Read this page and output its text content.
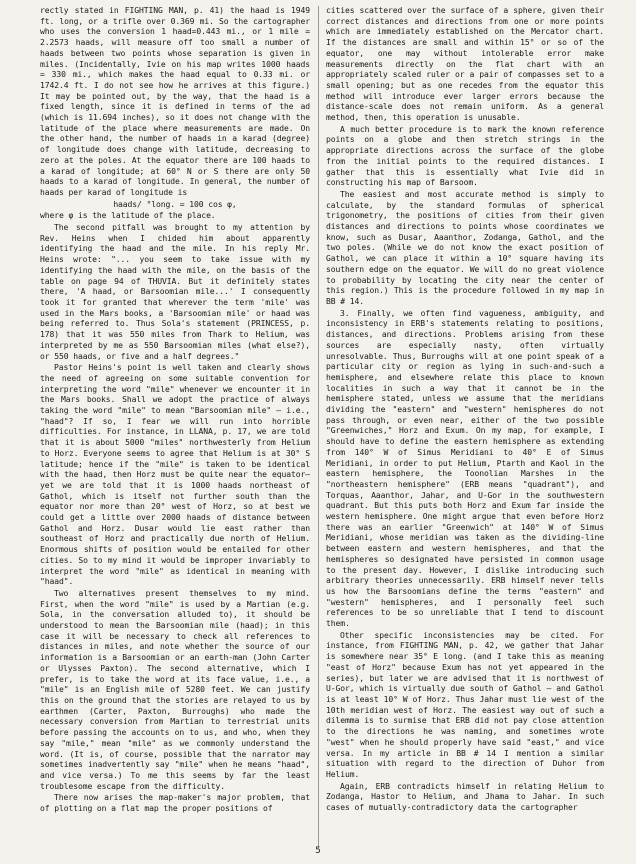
rectly stated in FIGHTING MAN, p. 41) the haad is 1949 ft. long, or a trifle over 0.369 mi. So the cartographer who uses the conversion 1 haad=0.443 mi., or 1 mile = 2.2573 haads, will measure off too small a number of haads between two points whose separation is given in miles. (Incidentally, Ivie on his map writes 1000 haads = 330 mi., which makes the haad equal to 0.33 mi. or 1742.4 ft. I do not see how he arrives at this figure.) It may be pointed out, by the way, that the haad is a fixed length, since it is defined in terms of the ad (which is 11.694 inches), so it does not change with the latitude of the place where measurements are made. On the other hand, the number of haads in a karad (degree) of longitude does change with latitude, decreasing to zero at the poles. At the equator there are 100 haads to a karad of longitude; at 60° N or S there are only 50 haads to a karad of longitude. In general, the number of haads per karad of longitude is

haads/ °long. = 100 cos φ,

where φ is the latitude of the place.

The second pitfall was brought to my attention by Rev. Heins when I chided him about apparently identifying the haad and the mile. In his reply Mr. Heins wrote: "... you seem to take issue with my identifying the haad with the mile, on the basis of the table on page 94 of THUVIA. But it definitely states there, 'A haad, or Barsoomian mile...' I consequently took it for granted that wherever the term 'mile' was used in the Mars books, a 'Barsoomian mile' or haad was being referred to. Thus Sola's statement (PRINCESS, p. 178) that it was 550 miles from Thark to Helium, was interpreted by me as 550 Barsoomian miles (what else?), or 550 haads, or five and a half degrees."

Pastor Heins's point is well taken and clearly shows the need of agreeing on some suitable convention for interpreting the word "mile" whenever we encounter it in the Mars books. Shall we adopt the practice of always taking the word "mile" to mean "Barsoomian mile" — i.e., "haad"? If so, I fear we will run into horrible difficulties. For instance, in LLANA, p. 17, we are told that it is about 5000 "miles" northwesterly from Helium to Horz. Everyone seems to agree that Helium is at 30° S latitude; hence if the "mile" is taken to be identical with the haad, then Horz must be quite near the equator—yet we are told that it is 1000 haads northeast of Gathol, which is itself not further south than the equator nor more than 20° west of Horz, so at best we could get a little over 2000 haads of distance between Gathol and Horz. Dusar would lie east rather than southeast of Horz and practically due north of Helium. Enormous shifts of position would be entailed for other cities. So to my mind it would be improper invariably to interpret the word "mile" as identical in meaning with "haad".

Two alternatives present themselves to my mind. First, when the word "mile" is used by a Martian (e.g. Sola, in the conversation alluded to), it should be understood to mean the Barsoomian mile (haad); in this case it will be necessary to check all references to distances in miles, and note whether the source of our information is a Barsoomian or an earth-man (John Carter or Ulysses Paxton). The second alternative, which I prefer, is to take the word at its face value, i.e., a "mile" is an English mile of 5280 feet. We can justify this on the ground that the stories are relayed to us by earthmen (Carter, Paxton, Burroughs) who made the necessary conversion from Martian to terrestrial units before passing the accounts on to us, and who, when they say "mile," mean "mile" as we commonly understand the word. (It is, of course, possible that the narrator may sometimes inadvertently say "mile" when he means "haad", and vice versa.) To me this seems by far the least troublesome escape from the difficulty.

There now arises the map-maker's major problem, that of plotting on a flat map the proper positions of

cities scattered over the surface of a sphere, given their correct distances and directions from one or more points which are immediately established on the Mercator chart. If the distances are small and within 15° or so of the equator, one may without intolerable error make measurements directly on the flat chart with an appropriately scaled ruler or a pair of compasses set to a small opening; but as one recedes from the equator this method will introduce ever larger errors because the distance-scale does not remain uniform. As a general method, then, this operation is unusable.

A much better procedure is to mark the known reference points on a globe and then stretch strings in the appropriate directions across the surface of the globe from the initial points to the required distances. I gather that this is essentially what Ivie did in constructing his map of Barsoom.

The easiest and most accurate method is simply to calculate, by the standard formulas of spherical trigonometry, the positions of cities from their given distances and directions to points whose coordinates we know, such as Dusar, Aaanthor, Zodanga, Gathol, and the two poles. (While we do not know the exact position of Gathol, we can place it within a 10° square having its southern edge on the equator. We will do no great violence to probability by locating the city near the center of this region.) This is the procedure followed in my map in BB # 14.

3. Finally, we often find vagueness, ambiguity, and inconsistency in ERB's statements relating to positions, distances, and directions. Problems arising from these sources are especially nasty, often virtually unresolvable. Thus, Burroughs will at one point speak of a particular city or region as lying in such-and-such a hemisphere, and elsewhere relate this place to known localities in such a way that it cannot be in the hemisphere stated, unless we assume that the meridians dividing the "eastern" and "western" hemispheres do not pass through, or even near, either of the two possible "Greenwiches," Horz and Exum. On my map, for example, I should have to define the eastern hemisphere as extending from 140° W of Simus Meridiani to 40° E of Simus Meridiani, in order to put Helium, Ptarth and Kaol in the eastern hemisphere, the Toonolian Marshes in the "northeastern hemisphere" (ERB means "quadrant"), and Torquas, Aaanthor, Jahar, and U-Gor in the southwestern quadrant. But this puts both Horz and Exum far inside the western hemisphere. One might argue that even before Horz there was an earlier "Greenwich" at 140° W of Simus Meridiani, whose meridian was taken as the dividing-line between eastern and western hemispheres, and that the hemispheres so designated have persisted in common usage to the present day. However, I dislike introducing such arbitrary theories unnecessarily. ERB himself never tells us how the Barsoomians define the terms "eastern" and "western" hemispheres, and I personally feel such references to be so unreliable that I tend to discount them.

Other specific inconsistencies may be cited. For instance, from FIGHTING MAN, p. 42, we gather that Jahar is somewhere near 35° E long. (and I take this as meaning "east of Horz" because Exum has not yet appeared in the series), but later we are advised that it is northwest of U-Gor, which is virtually due south of Gathol — and Gathol is at least 10° W of Horz. Thus Jahar must lie west of the 10th meridian west of Horz. The easiest way out of such a dilemma is to surmise that ERB did not pay close attention to the directions he was naming, and sometimes wrote "west" when he should properly have said "east," and vice versa. In my article in BB # 14 I mention a similar situation with regard to the direction of Duhor from Helium.

Again, ERB contradicts himself in relating Helium to Zodanga, Hastor to Helium, and Jhama to Jahar. In such cases of mutually-contradictory data the cartographer

5
